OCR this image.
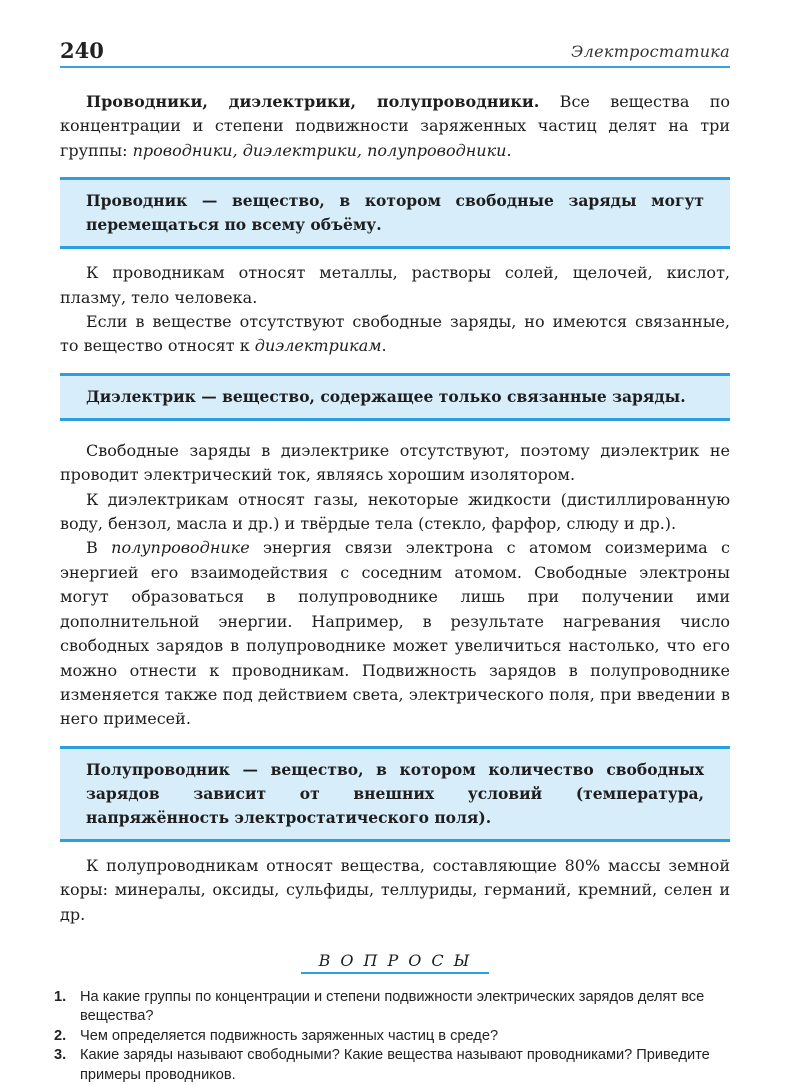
240	Электростатика

Проводники, диэлектрики, полупроводники. Все вещества по концентрации и степени подвижности заряженных частиц делят на три группы: проводники, диэлектрики, полупроводники.

Проводник — вещество, в котором свободные заряды могут перемещаться по всему объёму.

К проводникам относят металлы, растворы солей, щелочей, кислот, плазму, тело человека.

Если в веществе отсутствуют свободные заряды, но имеются связанные, то вещество относят к диэлектрикам.

Диэлектрик — вещество, содержащее только связанные заряды.

Свободные заряды в диэлектрике отсутствуют, поэтому диэлектрик не проводит электрический ток, являясь хорошим изолятором.

К диэлектрикам относят газы, некоторые жидкости (дистиллированную воду, бензол, масла и др.) и твёрдые тела (стекло, фарфор, слюду и др.).

В полупроводнике энергия связи электрона с атомом соизмерима с энергией его взаимодействия с соседним атомом. Свободные электроны могут образоваться в полупроводнике лишь при получении ими дополнительной энергии. Например, в результате нагревания число свободных зарядов в полупроводнике может увеличиться настолько, что его можно отнести к проводникам. Подвижность зарядов в полупроводнике изменяется также под действием света, электрического поля, при введении в него примесей.

Полупроводник — вещество, в котором количество свободных зарядов зависит от внешних условий (температура, напряжённость электростатического поля).

К полупроводникам относят вещества, составляющие 80% массы земной коры: минералы, оксиды, сульфиды, теллуриды, германий, кремний, селен и др.

ВОПРОСЫ
1. На какие группы по концентрации и степени подвижности электрических зарядов делят все вещества?
2. Чем определяется подвижность заряженных частиц в среде?
3. Какие заряды называют свободными? Какие вещества называют проводниками? Приведите примеры проводников.
